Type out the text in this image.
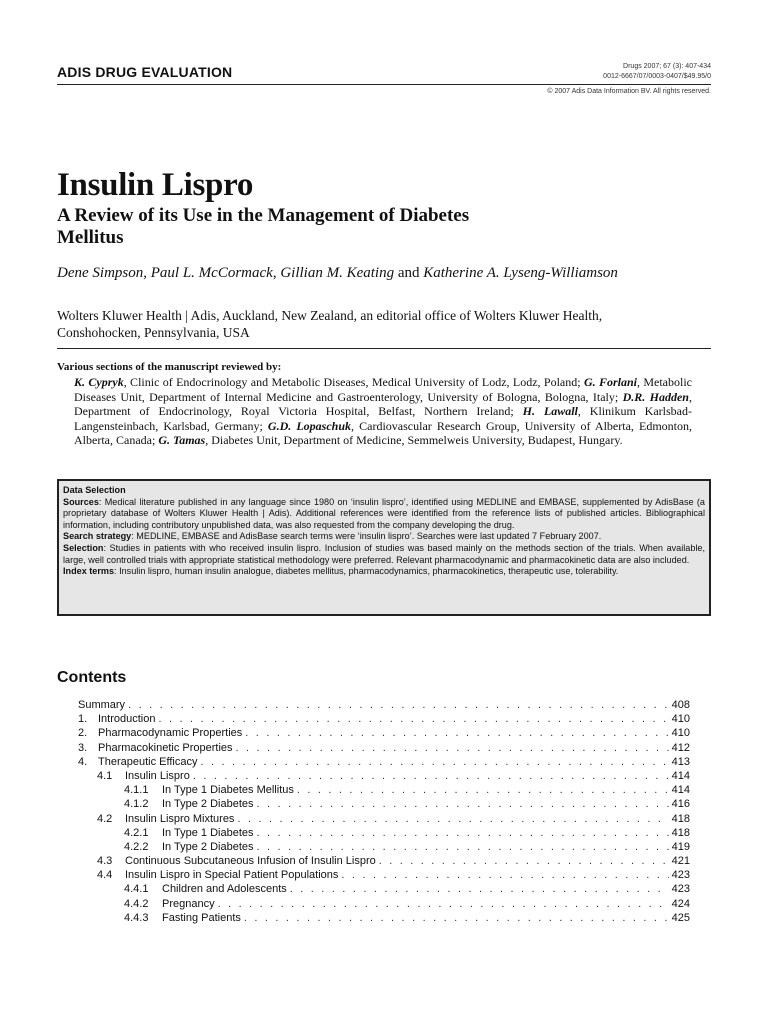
ADIS DRUG EVALUATION	Drugs 2007; 67 (3): 407-434
0012-6667/07/0003-0407/$49.95/0
© 2007 Adis Data Information BV. All rights reserved.
Insulin Lispro
A Review of its Use in the Management of Diabetes Mellitus
Dene Simpson, Paul L. McCormack, Gillian M. Keating and Katherine A. Lyseng-Williamson
Wolters Kluwer Health | Adis, Auckland, New Zealand, an editorial office of Wolters Kluwer Health, Conshohocken, Pennsylvania, USA
Various sections of the manuscript reviewed by:
K. Cypryk, Clinic of Endocrinology and Metabolic Diseases, Medical University of Lodz, Lodz, Poland; G. Forlani, Metabolic Diseases Unit, Department of Internal Medicine and Gastroenterology, University of Bologna, Bologna, Italy; D.R. Hadden, Department of Endocrinology, Royal Victoria Hospital, Belfast, Northern Ireland; H. Lawall, Klinikum Karlsbad-Langensteinbach, Karlsbad, Germany; G.D. Lopaschuk, Cardiovascular Research Group, University of Alberta, Edmonton, Alberta, Canada; G. Tamas, Diabetes Unit, Department of Medicine, Semmelweis University, Budapest, Hungary.
Data Selection
Sources: Medical literature published in any language since 1980 on ‘insulin lispro’, identified using MEDLINE and EMBASE, supplemented by AdisBase (a proprietary database of Wolters Kluwer Health | Adis). Additional references were identified from the reference lists of published articles. Bibliographical information, including contributory unpublished data, was also requested from the company developing the drug.
Search strategy: MEDLINE, EMBASE and AdisBase search terms were ‘insulin lispro’. Searches were last updated 7 February 2007.
Selection: Studies in patients with who received insulin lispro. Inclusion of studies was based mainly on the methods section of the trials. When available, large, well controlled trials with appropriate statistical methodology were preferred. Relevant pharmacodynamic and pharmacokinetic data are also included.
Index terms: Insulin lispro, human insulin analogue, diabetes mellitus, pharmacodynamics, pharmacokinetics, therapeutic use, tolerability.
Contents
Summary . . .	408
1. Introduction . . .	410
2. Pharmacodynamic Properties . . .	410
3. Pharmacokinetic Properties . . .	412
4. Therapeutic Efficacy . . .	413
4.1	Insulin Lispro . . .	414
4.1.1	In Type 1 Diabetes Mellitus . . .	414
4.1.2	In Type 2 Diabetes . . .	416
4.2	Insulin Lispro Mixtures . . .	418
4.2.1	In Type 1 Diabetes . . .	418
4.2.2	In Type 2 Diabetes . . .	419
4.3	Continuous Subcutaneous Infusion of Insulin Lispro . . .	421
4.4	Insulin Lispro in Special Patient Populations . . .	423
4.4.1	Children and Adolescents . . .	423
4.4.2	Pregnancy . . .	424
4.4.3	Fasting Patients . . .	425
